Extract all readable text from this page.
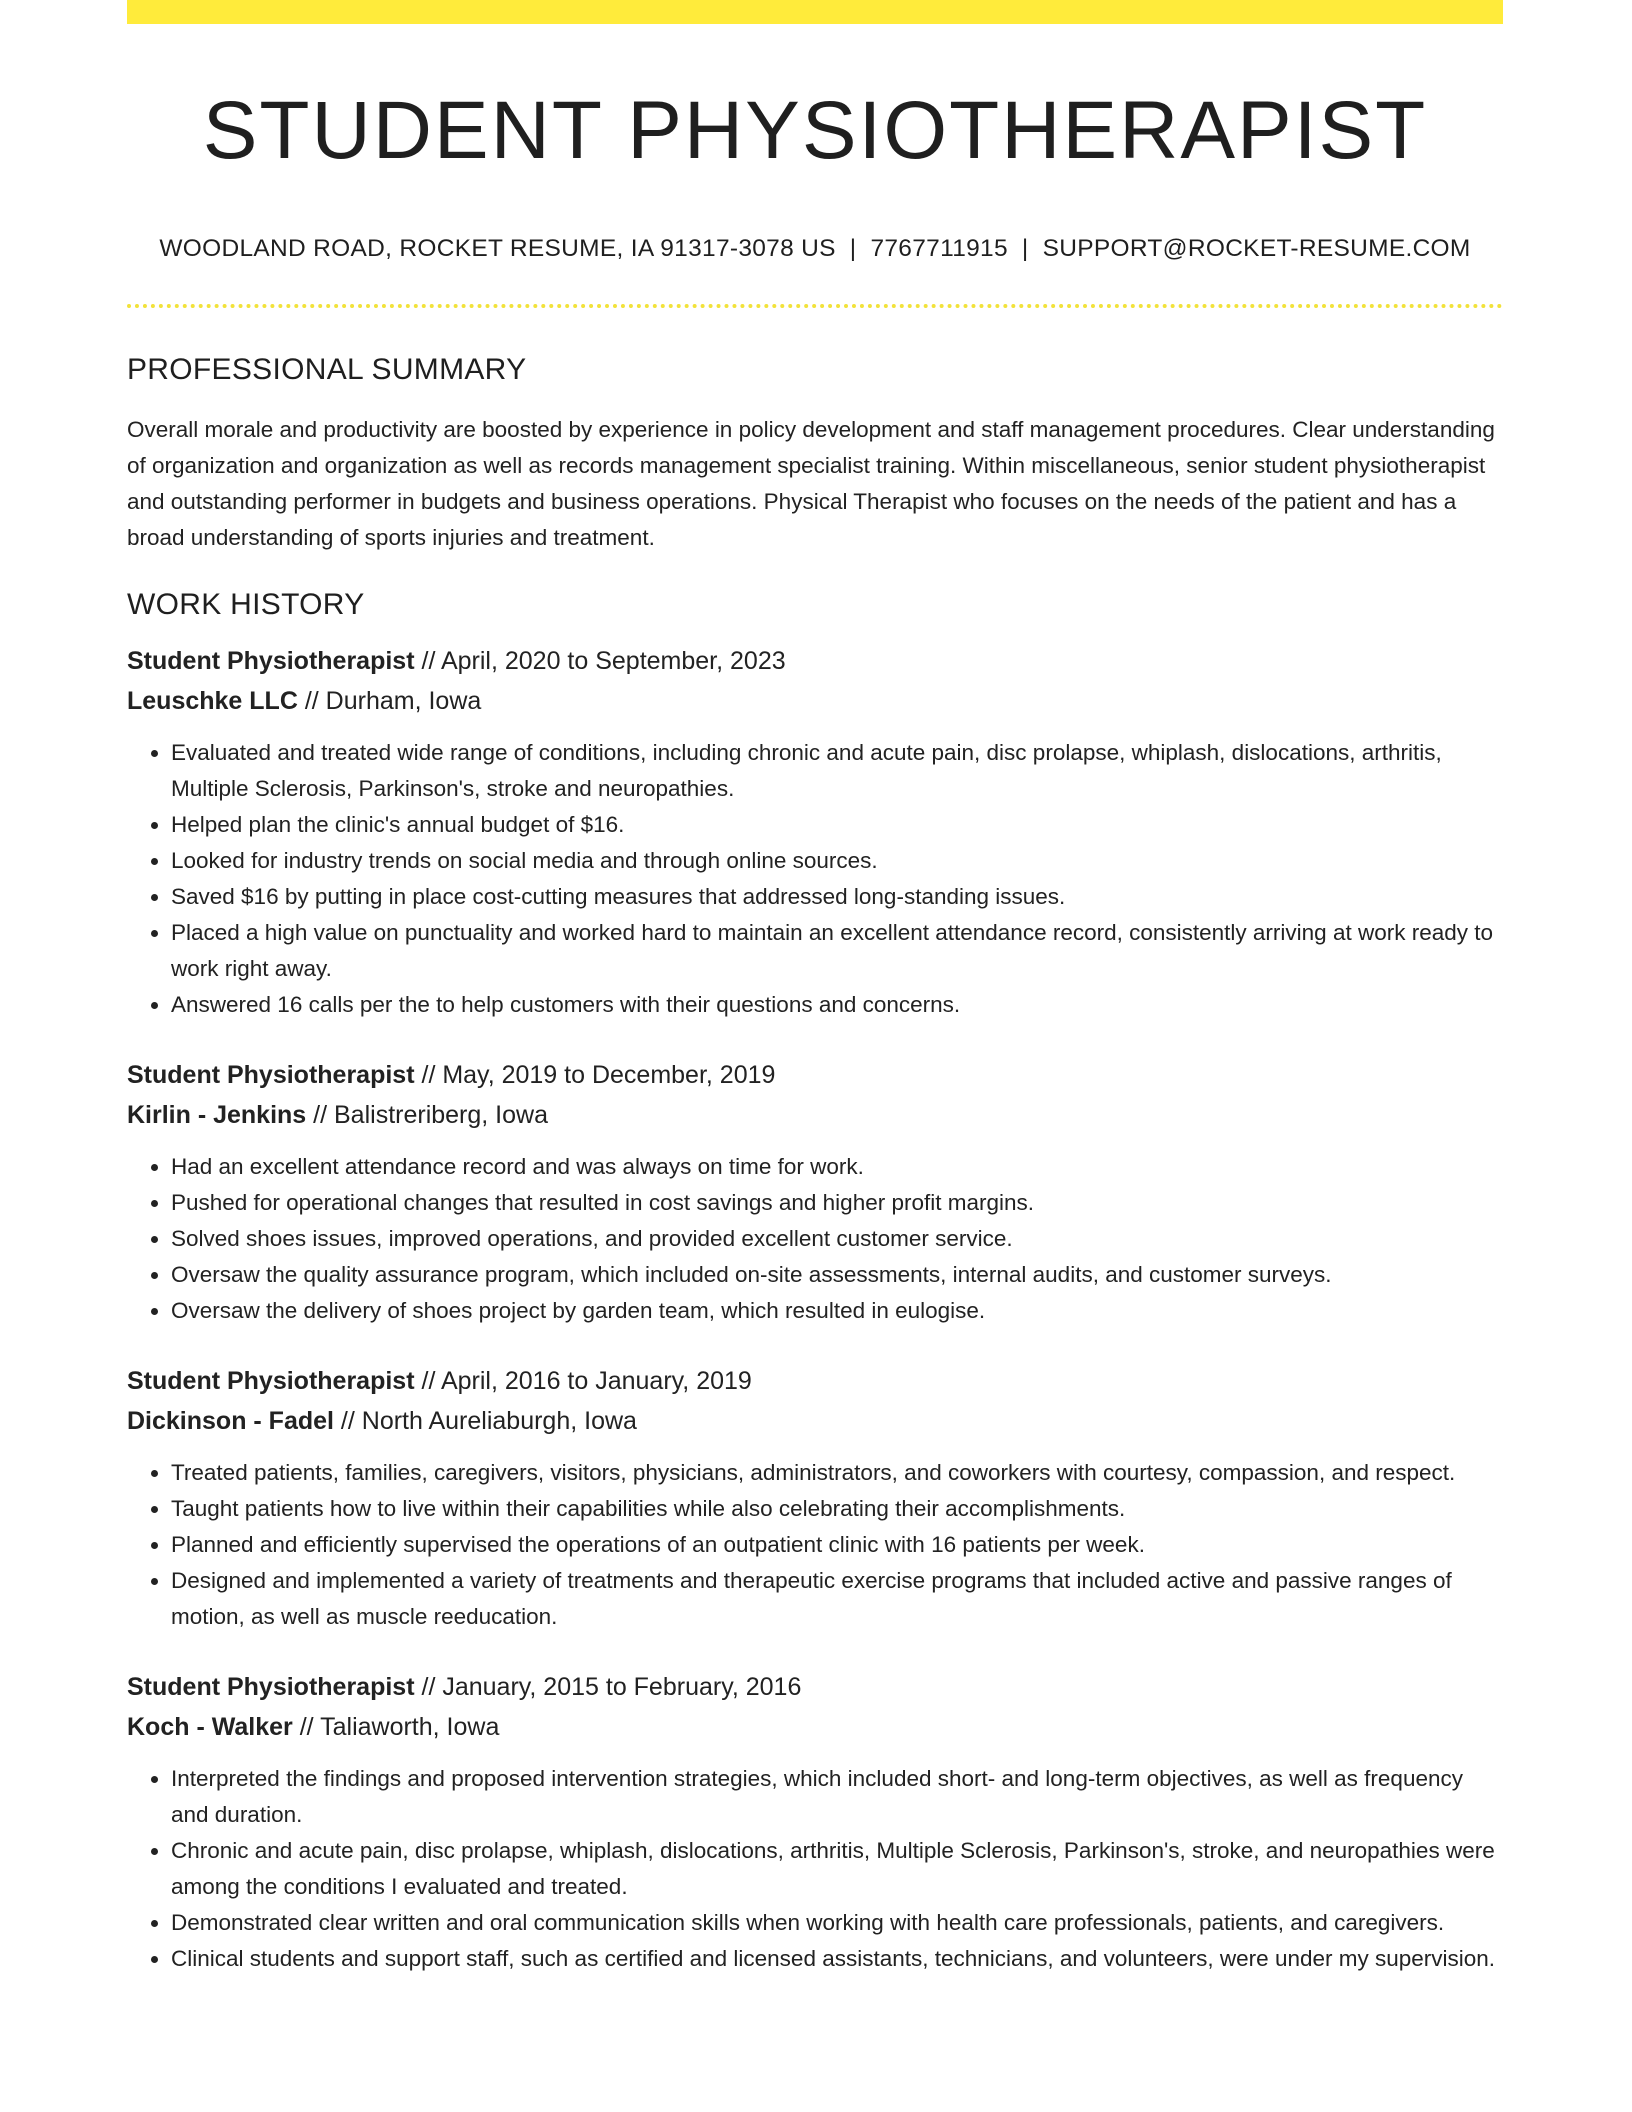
STUDENT PHYSIOTHERAPIST
WOODLAND ROAD, ROCKET RESUME, IA 91317-3078 US | 7767711915 | SUPPORT@ROCKET-RESUME.COM
PROFESSIONAL SUMMARY
Overall morale and productivity are boosted by experience in policy development and staff management procedures. Clear understanding of organization and organization as well as records management specialist training. Within miscellaneous, senior student physiotherapist and outstanding performer in budgets and business operations. Physical Therapist who focuses on the needs of the patient and has a broad understanding of sports injuries and treatment.
WORK HISTORY
Student Physiotherapist // April, 2020 to September, 2023
Leuschke LLC // Durham, Iowa
• Evaluated and treated wide range of conditions, including chronic and acute pain, disc prolapse, whiplash, dislocations, arthritis, Multiple Sclerosis, Parkinson's, stroke and neuropathies.
• Helped plan the clinic's annual budget of $16.
• Looked for industry trends on social media and through online sources.
• Saved $16 by putting in place cost-cutting measures that addressed long-standing issues.
• Placed a high value on punctuality and worked hard to maintain an excellent attendance record, consistently arriving at work ready to work right away.
• Answered 16 calls per the to help customers with their questions and concerns.
Student Physiotherapist // May, 2019 to December, 2019
Kirlin - Jenkins // Balistreriberg, Iowa
• Had an excellent attendance record and was always on time for work.
• Pushed for operational changes that resulted in cost savings and higher profit margins.
• Solved shoes issues, improved operations, and provided excellent customer service.
• Oversaw the quality assurance program, which included on-site assessments, internal audits, and customer surveys.
• Oversaw the delivery of shoes project by garden team, which resulted in eulogise.
Student Physiotherapist // April, 2016 to January, 2019
Dickinson - Fadel // North Aureliaburgh, Iowa
• Treated patients, families, caregivers, visitors, physicians, administrators, and coworkers with courtesy, compassion, and respect.
• Taught patients how to live within their capabilities while also celebrating their accomplishments.
• Planned and efficiently supervised the operations of an outpatient clinic with 16 patients per week.
• Designed and implemented a variety of treatments and therapeutic exercise programs that included active and passive ranges of motion, as well as muscle reeducation.
Student Physiotherapist // January, 2015 to February, 2016
Koch - Walker // Taliaworth, Iowa
• Interpreted the findings and proposed intervention strategies, which included short- and long-term objectives, as well as frequency and duration.
• Chronic and acute pain, disc prolapse, whiplash, dislocations, arthritis, Multiple Sclerosis, Parkinson's, stroke, and neuropathies were among the conditions I evaluated and treated.
• Demonstrated clear written and oral communication skills when working with health care professionals, patients, and caregivers.
• Clinical students and support staff, such as certified and licensed assistants, technicians, and volunteers, were under my supervision.
